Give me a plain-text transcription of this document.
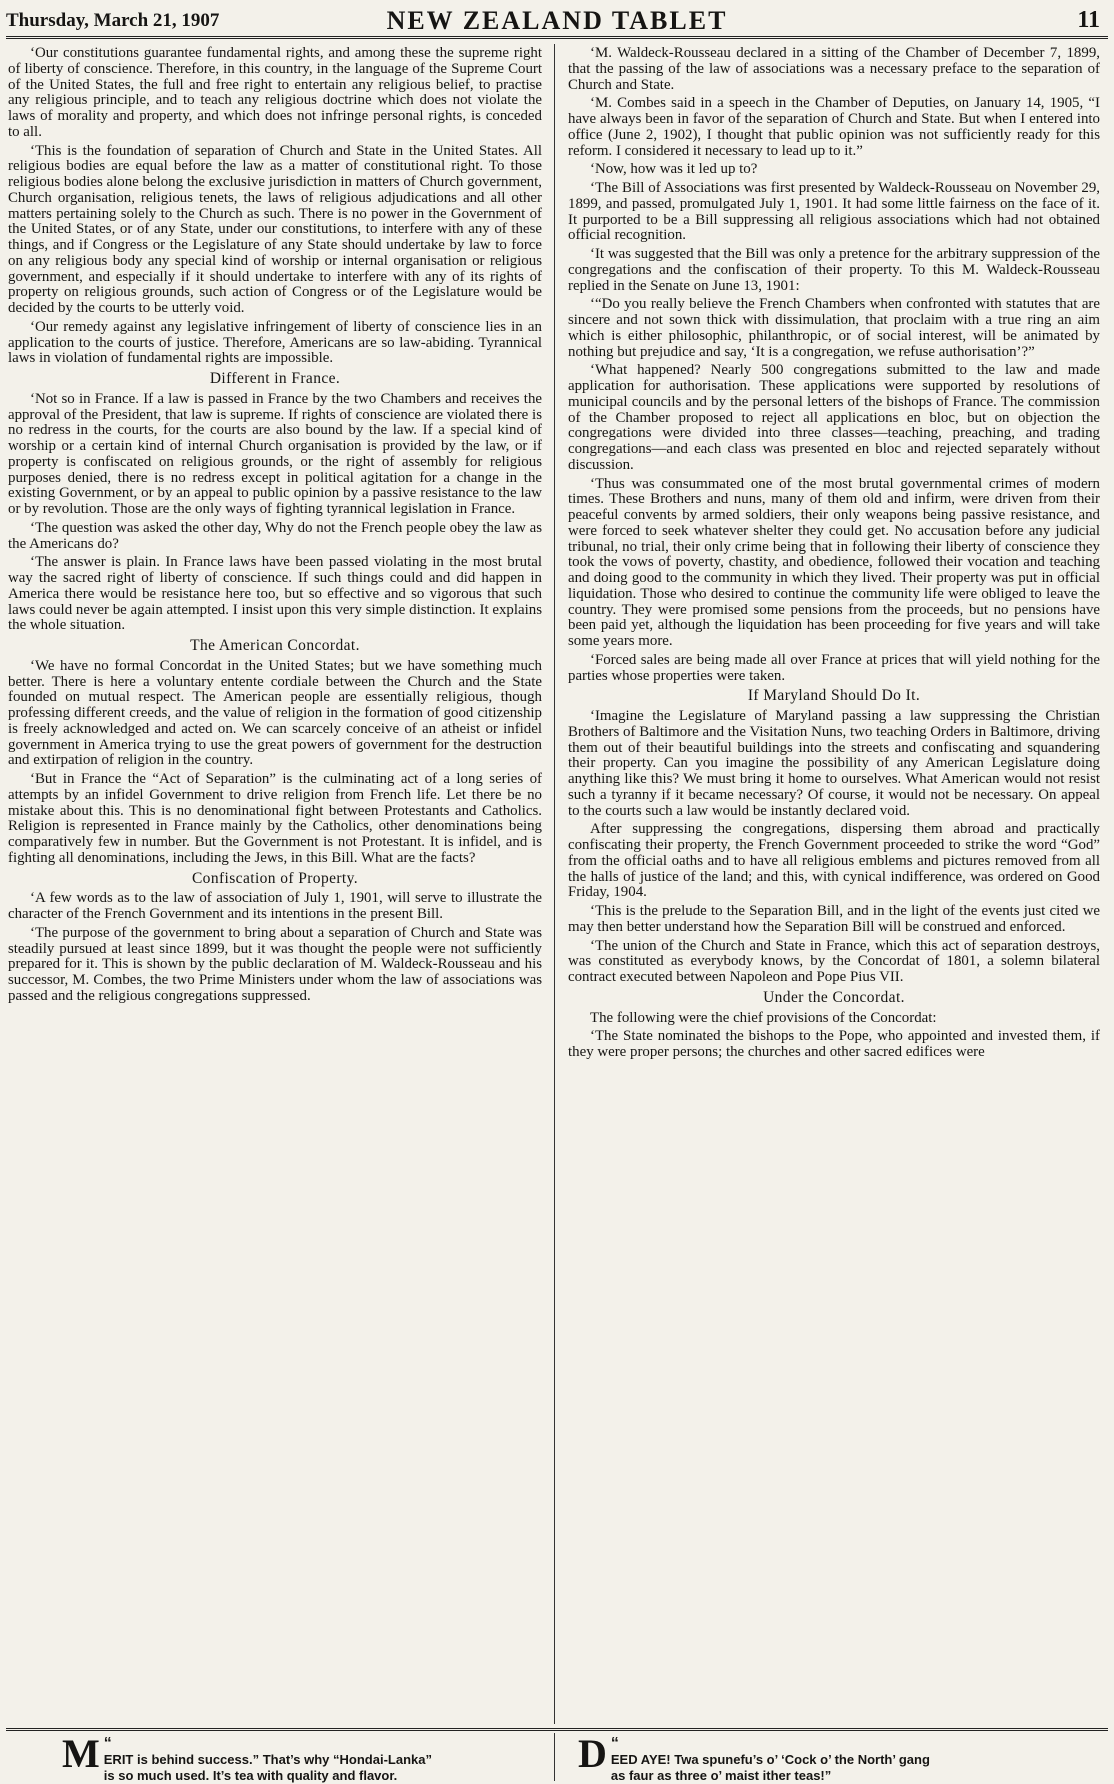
Thursday, March 21, 1907	NEW ZEALAND TABLET	11

‘Our constitutions guarantee fundamental rights, and among these the supreme right of liberty of conscience. Therefore, in this country, in the language of the Supreme Court of the United States, the full and free right to entertain any religious belief, to practise any religious principle, and to teach any religious doctrine which does not violate the laws of morality and property, and which does not infringe personal rights, is conceded to all.

‘This is the foundation of separation of Church and State in the United States. All religious bodies are equal before the law as a matter of constitutional right. To those religious bodies alone belong the exclusive jurisdiction in matters of Church government, Church organisation, religious tenets, the laws of religious adjudications and all other matters pertaining solely to the Church as such. There is no power in the Government of the United States, or of any State, under our constitutions, to interfere with any of these things, and if Congress or the Legislature of any State should undertake by law to force on any religious body any special kind of worship or internal organisation or religious government, and especially if it should undertake to interfere with any of its rights of property on religious grounds, such action of Congress or of the Legislature would be decided by the courts to be utterly void.

‘Our remedy against any legislative infringement of liberty of conscience lies in an application to the courts of justice. Therefore, Americans are so law-abiding. Tyrannical laws in violation of fundamental rights are impossible.

Different in France.

‘Not so in France. If a law is passed in France by the two Chambers and receives the approval of the President, that law is supreme. If rights of conscience are violated there is no redress in the courts, for the courts are also bound by the law. If a special kind of worship or a certain kind of internal Church organisation is provided by the law, or if property is confiscated on religious grounds, or the right of assembly for religious purposes denied, there is no redress except in political agitation for a change in the existing Government, or by an appeal to public opinion by a passive resistance to the law or by revolution. Those are the only ways of fighting tyrannical legislation in France.

‘The question was asked the other day, Why do not the French people obey the law as the Americans do?

‘The answer is plain. In France laws have been passed violating in the most brutal way the sacred right of liberty of conscience. If such things could and did happen in America there would be resistance here too, but so effective and so vigorous that such laws could never be again attempted. I insist upon this very simple distinction. It explains the whole situation.

The American Concordat.

‘We have no formal Concordat in the United States; but we have something much better. There is here a voluntary entente cordiale between the Church and the State founded on mutual respect. The American people are essentially religious, though professing different creeds, and the value of religion in the formation of good citizenship is freely acknowledged and acted on. We can scarcely conceive of an atheist or infidel government in America trying to use the great powers of government for the destruction and extirpation of religion in the country.

‘But in France the “Act of Separation” is the culminating act of a long series of attempts by an infidel Government to drive religion from French life. Let there be no mistake about this. This is no denominational fight between Protestants and Catholics. Religion is represented in France mainly by the Catholics, other denominations being comparatively few in number. But the Government is not Protestant. It is infidel, and is fighting all denominations, including the Jews, in this Bill. What are the facts?

Confiscation of Property.

‘A few words as to the law of association of July 1, 1901, will serve to illustrate the character of the French Government and its intentions in the present Bill.

‘The purpose of the government to bring about a separation of Church and State was steadily pursued at least since 1899, but it was thought the people were not sufficiently prepared for it. This is shown by the public declaration of M. Waldeck-Rousseau and his successor, M. Combes, the two Prime Ministers under whom the law of associations was passed and the religious congregations suppressed.

‘M. Waldeck-Rousseau declared in a sitting of the Chamber of December 7, 1899, that the passing of the law of associations was a necessary preface to the separation of Church and State.

‘M. Combes said in a speech in the Chamber of Deputies, on January 14, 1905, “I have always been in favor of the separation of Church and State. But when I entered into office (June 2, 1902), I thought that public opinion was not sufficiently ready for this reform. I considered it necessary to lead up to it.”

‘Now, how was it led up to?

‘The Bill of Associations was first presented by Waldeck-Rousseau on November 29, 1899, and passed, promulgated July 1, 1901. It had some little fairness on the face of it. It purported to be a Bill suppressing all religious associations which had not obtained official recognition.

‘It was suggested that the Bill was only a pretence for the arbitrary suppression of the congregations and the confiscation of their property. To this M. Waldeck-Rousseau replied in the Senate on June 13, 1901:

‘“Do you really believe the French Chambers when confronted with statutes that are sincere and not sown thick with dissimulation, that proclaim with a true ring an aim which is either philosophic, philanthropic, or of social interest, will be animated by nothing but prejudice and say, ‘It is a congregation, we refuse authorisation’?”

‘What happened? Nearly 500 congregations submitted to the law and made application for authorisation. These applications were supported by resolutions of municipal councils and by the personal letters of the bishops of France. The commission of the Chamber proposed to reject all applications en bloc, but on objection the congregations were divided into three classes—teaching, preaching, and trading congregations—and each class was presented en bloc and rejected separately without discussion.

‘Thus was consummated one of the most brutal governmental crimes of modern times. These Brothers and nuns, many of them old and infirm, were driven from their peaceful convents by armed soldiers, their only weapons being passive resistance, and were forced to seek whatever shelter they could get. No accusation before any judicial tribunal, no trial, their only crime being that in following their liberty of conscience they took the vows of poverty, chastity, and obedience, followed their vocation and teaching and doing good to the community in which they lived. Their property was put in official liquidation. Those who desired to continue the community life were obliged to leave the country. They were promised some pensions from the proceeds, but no pensions have been paid yet, although the liquidation has been proceeding for five years and will take some years more.

‘Forced sales are being made all over France at prices that will yield nothing for the parties whose properties were taken.

If Maryland Should Do It.

‘Imagine the Legislature of Maryland passing a law suppressing the Christian Brothers of Baltimore and the Visitation Nuns, two teaching Orders in Baltimore, driving them out of their beautiful buildings into the streets and confiscating and squandering their property. Can you imagine the possibility of any American Legislature doing anything like this? We must bring it home to ourselves. What American would not resist such a tyranny if it became necessary? Of course, it would not be necessary. On appeal to the courts such a law would be instantly declared void.

After suppressing the congregations, dispersing them abroad and practically confiscating their property, the French Government proceeded to strike the word “God” from the official oaths and to have all religious emblems and pictures removed from all the halls of justice of the land; and this, with cynical indifference, was ordered on Good Friday, 1904.

‘This is the prelude to the Separation Bill, and in the light of the events just cited we may then better understand how the Separation Bill will be construed and enforced.

‘The union of the Church and State in France, which this act of separation destroys, was constituted as everybody knows, by the Concordat of 1801, a solemn bilateral contract executed between Napoleon and Pope Pius VII.

Under the Concordat.

The following were the chief provisions of the Concordat:

‘The State nominated the bishops to the Pope, who appointed and invested them, if they were proper persons; the churches and other sacred edifices were

“
M ERIT is behind success.” That’s why “Hondai-Lanka”
is so much used. It’s tea with quality and flavor.
“
D EED AYE! Twa spunefu’s o’ ‘Cock o’ the North’ gang
as faur as three o’ maist ither teas!”
